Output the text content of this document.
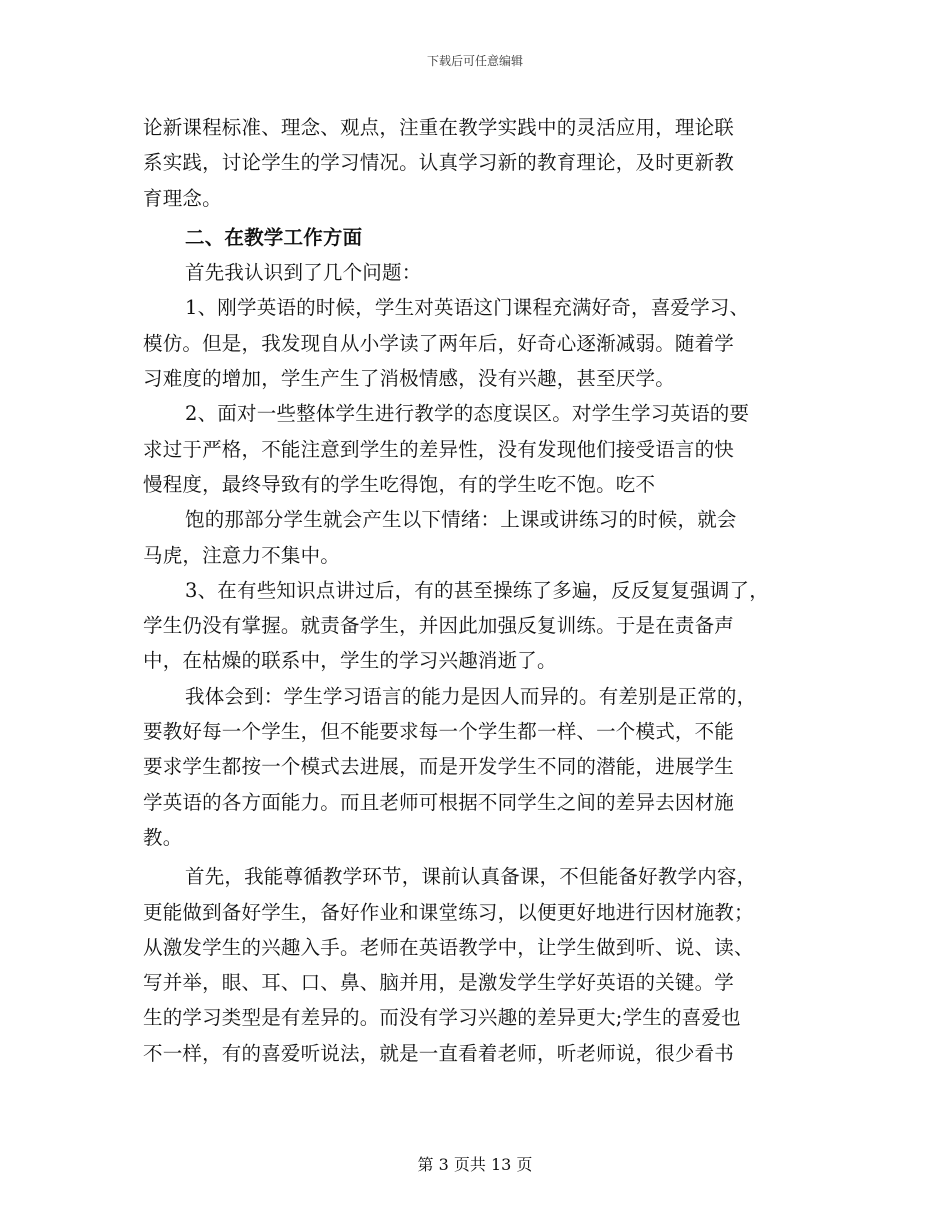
下载后可任意编辑
论新课程标准、理念、观点，注重在教学实践中的灵活应用，理论联
系实践，讨论学生的学习情况。认真学习新的教育理论，及时更新教
育理念。
二、在教学工作方面
首先我认识到了几个问题：
1、刚学英语的时候，学生对英语这门课程充满好奇，喜爱学习、
模仿。但是，我发现自从小学读了两年后，好奇心逐渐减弱。随着学
习难度的增加，学生产生了消极情感，没有兴趣，甚至厌学。
2、面对一些整体学生进行教学的态度误区。对学生学习英语的要
求过于严格，不能注意到学生的差异性，没有发现他们接受语言的快
慢程度，最终导致有的学生吃得饱，有的学生吃不饱。吃不
饱的那部分学生就会产生以下情绪：上课或讲练习的时候，就会
马虎，注意力不集中。
3、在有些知识点讲过后，有的甚至操练了多遍，反反复复强调了，
学生仍没有掌握。就责备学生，并因此加强反复训练。于是在责备声
中，在枯燥的联系中，学生的学习兴趣消逝了。
我体会到：学生学习语言的能力是因人而异的。有差别是正常的，
要教好每一个学生，但不能要求每一个学生都一样、一个模式，不能
要求学生都按一个模式去进展，而是开发学生不同的潜能，进展学生
学英语的各方面能力。而且老师可根据不同学生之间的差异去因材施
教。
首先，我能尊循教学环节，课前认真备课，不但能备好教学内容，
更能做到备好学生，备好作业和课堂练习，以便更好地进行因材施教；
从激发学生的兴趣入手。老师在英语教学中，让学生做到听、说、读、
写并举，眼、耳、口、鼻、脑并用，是激发学生学好英语的关键。学
生的学习类型是有差异的。而没有学习兴趣的差异更大;学生的喜爱也
不一样，有的喜爱听说法，就是一直看着老师，听老师说，很少看书
第 3 页共 13 页
